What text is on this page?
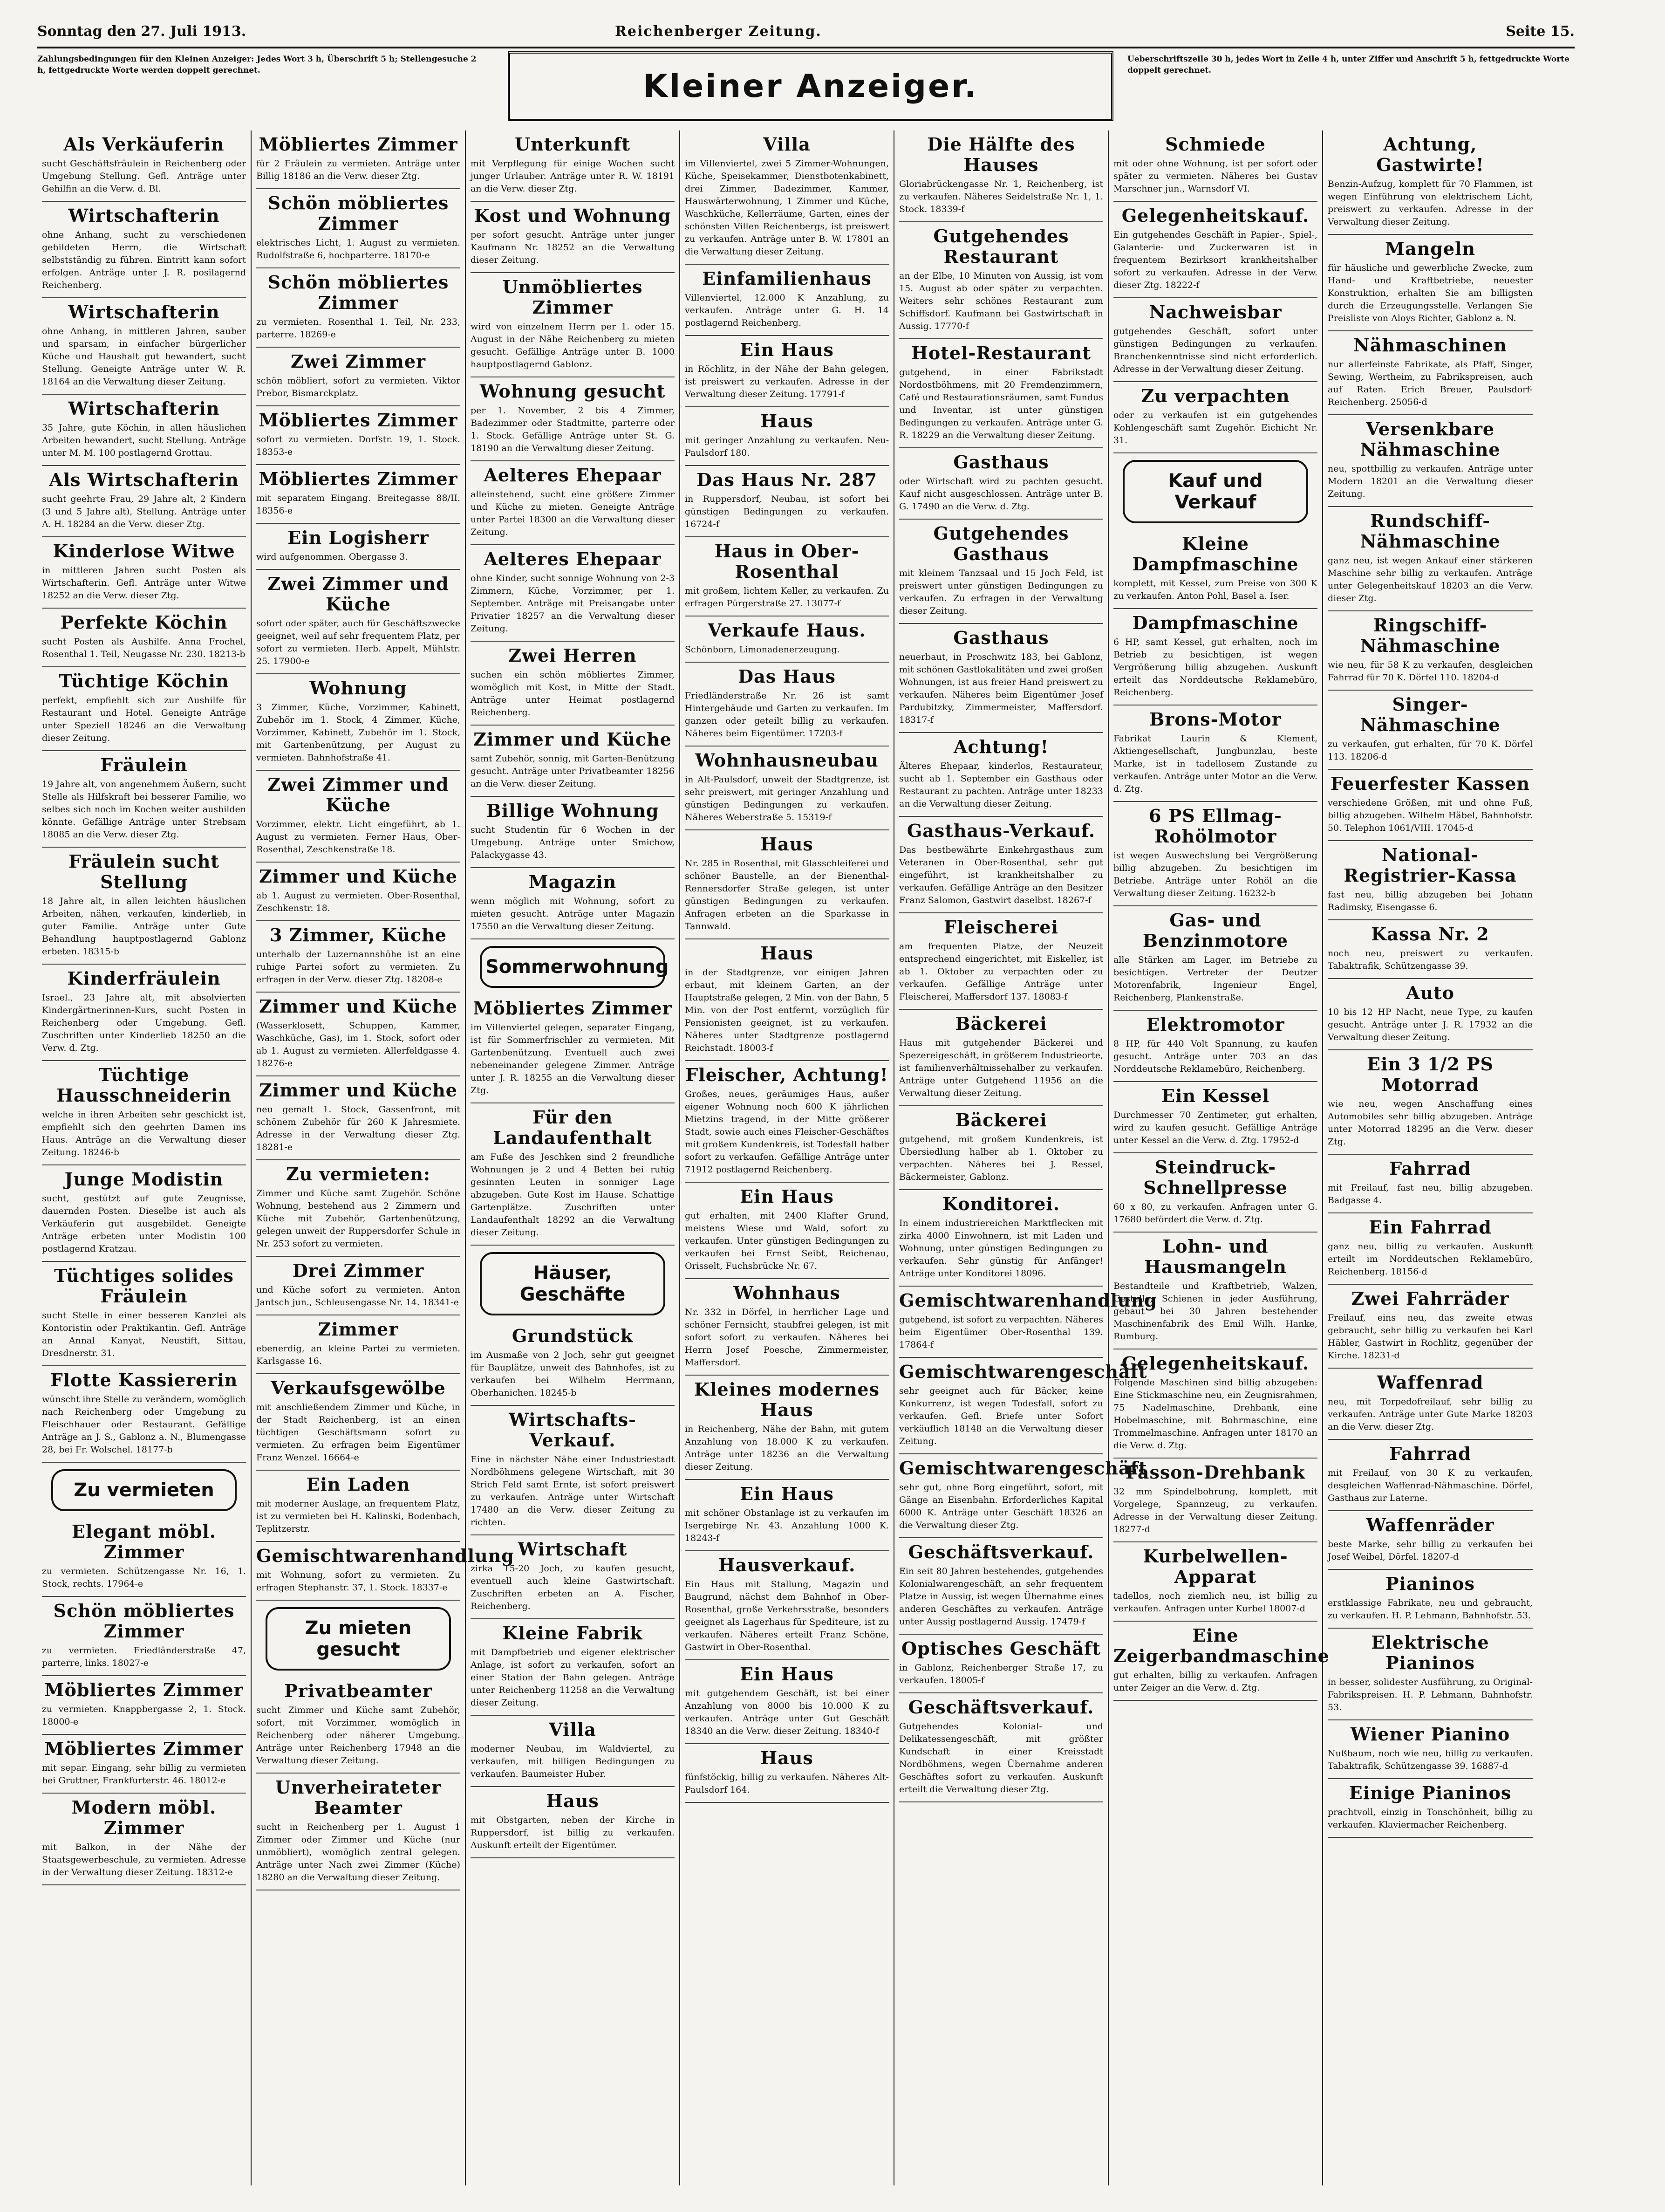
Sonntag den 27. Juli 1913.	Reichenberger Zeitung.	Seite 15.
Zahlungsbedingungen für den Kleinen Anzeiger: Jedes Wort 3 h, Überschrift 5 h; Stellengesuche 2 h, fettgedruckte Worte werden doppelt gerechnet.	Kleiner Anzeiger.
Ueberschriftszeile 30 h, jedes Wort in Zeile 4 h, unter Ziffer und Anschrift 5 h, fettgedruckte Worte doppelt gerechnet.
Als Verkäuferin

sucht Geschäftsfräulein in Reichenberg oder Umgebung Stellung. Gefl. Anträge unter Gehilfin an die Verw. d. Bl.

Wirtschafterin

ohne Anhang, sucht zu verschiedenen gebildeten Herrn, die Wirtschaft selbstständig zu führen. Eintritt kann sofort erfolgen. Anträge unter J. R. posilagernd Reichenberg.

Wirtschafterin

ohne Anhang, in mittleren Jahren, sauber und sparsam, in einfacher bürgerlicher Küche und Haushalt gut bewandert, sucht Stellung. Geneigte Anträge unter W. R. 18164 an die Verwaltung dieser Zeitung.

Wirtschafterin

35 Jahre, gute Köchin, in allen häuslichen Arbeiten bewandert, sucht Stellung. Anträge unter M. M. 100 postlagernd Grottau.

Als Wirtschafterin

sucht geehrte Frau, 29 Jahre alt, 2 Kindern (3 und 5 Jahre alt), Stellung. Anträge unter A. H. 18284 an die Verw. dieser Ztg.

Kinderlose Witwe

in mittleren Jahren sucht Posten als Wirtschafterin. Gefl. Anträge unter Witwe 18252 an die Verw. dieser Ztg.

Perfekte Köchin

sucht Posten als Aushilfe. Anna Frochel, Rosenthal 1. Teil, Neugasse Nr. 230. 18213-b

Tüchtige Köchin

perfekt, empfiehlt sich zur Aushilfe für Restaurant und Hotel. Geneigte Anträge unter Speziell 18246 an die Verwaltung dieser Zeitung.

Fräulein

19 Jahre alt, von angenehmem Äußern, sucht Stelle als Hilfskraft bei besserer Familie, wo selbes sich noch im Kochen weiter ausbilden könnte. Gefällige Anträge unter Strebsam 18085 an die Verw. dieser Ztg.

Fräulein sucht Stellung

18 Jahre alt, in allen leichten häuslichen Arbeiten, nähen, verkaufen, kinderlieb, in guter Familie. Anträge unter Gute Behandlung hauptpostlagernd Gablonz erbeten. 18315-b

Kinderfräulein

Israel., 23 Jahre alt, mit absolvierten Kindergärtnerinnen-Kurs, sucht Posten in Reichenberg oder Umgebung. Gefl. Zuschriften unter Kinderlieb 18250 an die Verw. d. Ztg.

Tüchtige Hausschneiderin

welche in ihren Arbeiten sehr geschickt ist, empfiehlt sich den geehrten Damen ins Haus. Anträge an die Verwaltung dieser Zeitung. 18246-b

Junge Modistin

sucht, gestützt auf gute Zeugnisse, dauernden Posten. Dieselbe ist auch als Verkäuferin gut ausgebildet. Geneigte Anträge erbeten unter Modistin 100 postlagernd Kratzau.

Tüchtiges solides Fräulein

sucht Stelle in einer besseren Kanzlei als Kontoristin oder Praktikantin. Gefl. Anträge an Annal Kanyat, Neustift, Sittau, Dresdnerstr. 31.

Flotte Kassiererin

wünscht ihre Stelle zu verändern, womöglich nach Reichenberg oder Umgebung zu Fleischhauer oder Restaurant. Gefällige Anträge an J. S., Gablonz a. N., Blumengasse 28, bei Fr. Wolschel. 18177-b

Zu vermieten
Elegant möbl. Zimmer

zu vermieten. Schützengasse Nr. 16, 1. Stock, rechts. 17964-e

Schön möbliertes Zimmer

zu vermieten. Friedländerstraße 47, parterre, links. 18027-e

Möbliertes Zimmer

zu vermieten. Knappbergasse 2, 1. Stock. 18000-e

Möbliertes Zimmer

mit separ. Eingang, sehr billig zu vermieten bei Gruttner, Frankfurterstr. 46. 18012-e

Modern möbl. Zimmer

mit Balkon, in der Nähe der Staatsgewerbeschule, zu vermieten. Adresse in der Verwaltung dieser Zeitung. 18312-e

Möbliertes Zimmer

für 2 Fräulein zu vermieten. Anträge unter Billig 18186 an die Verw. dieser Ztg.

Schön möbliertes Zimmer

elektrisches Licht, 1. August zu vermieten. Rudolfstraße 6, hochparterre. 18170-e

Schön möbliertes Zimmer

zu vermieten. Rosenthal 1. Teil, Nr. 233, parterre. 18269-e

Zwei Zimmer

schön möbliert, sofort zu vermieten. Viktor Prebor, Bismarckplatz.

Möbliertes Zimmer

sofort zu vermieten. Dorfstr. 19, 1. Stock. 18353-e

Möbliertes Zimmer

mit separatem Eingang. Breitegasse 88/II. 18356-e

Ein Logisherr

wird aufgenommen. Obergasse 3.

Zwei Zimmer und Küche

sofort oder später, auch für Geschäftszwecke geeignet, weil auf sehr frequentem Platz, per sofort zu vermieten. Herb. Appelt, Mühlstr. 25. 17900-e

Wohnung

3 Zimmer, Küche, Vorzimmer, Kabinett, Zubehör im 1. Stock, 4 Zimmer, Küche, Vorzimmer, Kabinett, Zubehör im 1. Stock, mit Gartenbenützung, per August zu vermieten. Bahnhofstraße 41.

Zwei Zimmer und Küche

Vorzimmer, elektr. Licht eingeführt, ab 1. August zu vermieten. Ferner Haus, Ober-Rosenthal, Zeschkenstraße 18.

Zimmer und Küche

ab 1. August zu vermieten. Ober-Rosenthal, Zeschkenstr. 18.

3 Zimmer, Küche

unterhalb der Luzernannshöhe ist an eine ruhige Partei sofort zu vermieten. Zu erfragen in der Verw. dieser Ztg. 18208-e

Zimmer und Küche

(Wasserklosett, Schuppen, Kammer, Waschküche, Gas), im 1. Stock, sofort oder ab 1. August zu vermieten. Allerfeldgasse 4. 18276-e

Zimmer und Küche

neu gemalt 1. Stock, Gassenfront, mit schönem Zubehör für 260 K Jahresmiete. Adresse in der Verwaltung dieser Ztg. 18281-e

Zu vermieten:

Zimmer und Küche samt Zugehör. Schöne Wohnung, bestehend aus 2 Zimmern und Küche mit Zubehör, Gartenbenützung, gelegen unweit der Ruppersdorfer Schule in Nr. 253 sofort zu vermieten.

Drei Zimmer

und Küche sofort zu vermieten. Anton Jantsch jun., Schleusengasse Nr. 14. 18341-e

Zimmer

ebenerdig, an kleine Partei zu vermieten. Karlsgasse 16.

Verkaufsgewölbe

mit anschließendem Zimmer und Küche, in der Stadt Reichenberg, ist an einen tüchtigen Geschäftsmann sofort zu vermieten. Zu erfragen beim Eigentümer Franz Wenzel. 16664-e

Ein Laden

mit moderner Auslage, an frequentem Platz, ist zu vermieten bei H. Kalinski, Bodenbach, Teplitzerstr.

Gemischtwarenhandlung

mit Wohnung, sofort zu vermieten. Zu erfragen Stephanstr. 37, 1. Stock. 18337-e

Zu mieten gesucht
Privatbeamter

sucht Zimmer und Küche samt Zubehör, sofort, mit Vorzimmer, womöglich in Reichenberg oder näherer Umgebung. Anträge unter Reichenberg 17948 an die Verwaltung dieser Zeitung.

Unverheirateter Beamter

sucht in Reichenberg per 1. August 1 Zimmer oder Zimmer und Küche (nur unmöbliert), womöglich zentral gelegen. Anträge unter Nach zwei Zimmer (Küche) 18280 an die Verwaltung dieser Zeitung.

Unterkunft

mit Verpflegung für einige Wochen sucht junger Urlauber. Anträge unter R. W. 18191 an die Verw. dieser Ztg.

Kost und Wohnung

per sofort gesucht. Anträge unter junger Kaufmann Nr. 18252 an die Verwaltung dieser Zeitung.

Unmöbliertes Zimmer

wird von einzelnem Herrn per 1. oder 15. August in der Nähe Reichenberg zu mieten gesucht. Gefällige Anträge unter B. 1000 hauptpostlagernd Gablonz.

Wohnung gesucht

per 1. November, 2 bis 4 Zimmer, Badezimmer oder Stadtmitte, parterre oder 1. Stock. Gefällige Anträge unter St. G. 18190 an die Verwaltung dieser Zeitung.

Aelteres Ehepaar

alleinstehend, sucht eine größere Zimmer und Küche zu mieten. Geneigte Anträge unter Partei 18300 an die Verwaltung dieser Zeitung.

Aelteres Ehepaar

ohne Kinder, sucht sonnige Wohnung von 2-3 Zimmern, Küche, Vorzimmer, per 1. September. Anträge mit Preisangabe unter Privatier 18257 an die Verwaltung dieser Zeitung.

Zwei Herren

suchen ein schön möbliertes Zimmer, womöglich mit Kost, in Mitte der Stadt. Anträge unter Heimat postlagernd Reichenberg.

Zimmer und Küche

samt Zubehör, sonnig, mit Garten-Benützung gesucht. Anträge unter Privatbeamter 18256 an die Verw. dieser Zeitung.

Billige Wohnung

sucht Studentin für 6 Wochen in der Umgebung. Anträge unter Smichow, Palackygasse 43.

Magazin

wenn möglich mit Wohnung, sofort zu mieten gesucht. Anträge unter Magazin 17550 an die Verwaltung dieser Zeitung.

Sommerwohnung
Möbliertes Zimmer

im Villenviertel gelegen, separater Eingang, ist für Sommerfrischler zu vermieten. Mit Gartenbenützung. Eventuell auch zwei nebeneinander gelegene Zimmer. Anträge unter J. R. 18255 an die Verwaltung dieser Ztg.

Für den Landaufenthalt

am Fuße des Jeschken sind 2 freundliche Wohnungen je 2 und 4 Betten bei ruhig gesinnten Leuten in sonniger Lage abzugeben. Gute Kost im Hause. Schattige Gartenplätze. Zuschriften unter Landaufenthalt 18292 an die Verwaltung dieser Zeitung.

Häuser, Geschäfte
Grundstück

im Ausmaße von 2 Joch, sehr gut geeignet für Bauplätze, unweit des Bahnhofes, ist zu verkaufen bei Wilhelm Herrmann, Oberhanichen. 18245-b

Wirtschafts-Verkauf.

Eine in nächster Nähe einer Industriestadt Nordböhmens gelegene Wirtschaft, mit 30 Strich Feld samt Ernte, ist sofort preiswert zu verkaufen. Anträge unter Wirtschaft 17480 an die Verw. dieser Zeitung zu richten.

Wirtschaft

zirka 15-20 Joch, zu kaufen gesucht, eventuell auch kleine Gastwirtschaft. Zuschriften erbeten an A. Fischer, Reichenberg.

Kleine Fabrik

mit Dampfbetrieb und eigener elektrischer Anlage, ist sofort zu verkaufen, sofort an einer Station der Bahn gelegen. Anträge unter Reichenberg 11258 an die Verwaltung dieser Zeitung.

Villa

moderner Neubau, im Waldviertel, zu verkaufen, mit billigen Bedingungen zu verkaufen. Baumeister Huber.

Haus

mit Obstgarten, neben der Kirche in Ruppersdorf, ist billig zu verkaufen. Auskunft erteilt der Eigentümer.

Villa

im Villenviertel, zwei 5 Zimmer-Wohnungen, Küche, Speisekammer, Dienstbotenkabinett, drei Zimmer, Badezimmer, Kammer, Hauswärterwohnung, 1 Zimmer und Küche, Waschküche, Kellerräume, Garten, eines der schönsten Villen Reichenbergs, ist preiswert zu verkaufen. Anträge unter B. W. 17801 an die Verwaltung dieser Zeitung.

Einfamilienhaus

Villenviertel, 12.000 K Anzahlung, zu verkaufen. Anträge unter G. H. 14 postlagernd Reichenberg.

Ein Haus

in Röchlitz, in der Nähe der Bahn gelegen, ist preiswert zu verkaufen. Adresse in der Verwaltung dieser Zeitung. 17791-f

Haus

mit geringer Anzahlung zu verkaufen. Neu-Paulsdorf 180.

Das Haus Nr. 287

in Ruppersdorf, Neubau, ist sofort bei günstigen Bedingungen zu verkaufen. 16724-f

Haus in Ober-Rosenthal

mit großem, lichtem Keller, zu verkaufen. Zu erfragen Pürgerstraße 27. 13077-f

Verkaufe Haus.

Schönborn, Limonadenerzeugung.

Das Haus

Friedländerstraße Nr. 26 ist samt Hintergebäude und Garten zu verkaufen. Im ganzen oder geteilt billig zu verkaufen. Näheres beim Eigentümer. 17203-f

Wohnhausneubau

in Alt-Paulsdorf, unweit der Stadtgrenze, ist sehr preiswert, mit geringer Anzahlung und günstigen Bedingungen zu verkaufen. Näheres Weberstraße 5. 15319-f

Haus

Nr. 285 in Rosenthal, mit Glasschleiferei und schöner Baustelle, an der Bienenthal-Rennersdorfer Straße gelegen, ist unter günstigen Bedingungen zu verkaufen. Anfragen erbeten an die Sparkasse in Tannwald.

Haus

in der Stadtgrenze, vor einigen Jahren erbaut, mit kleinem Garten, an der Hauptstraße gelegen, 2 Min. von der Bahn, 5 Min. von der Post entfernt, vorzüglich für Pensionisten geeignet, ist zu verkaufen. Näheres unter Stadtgrenze postlagernd Reichstadt. 18003-f

Fleischer, Achtung!

Großes, neues, geräumiges Haus, außer eigener Wohnung noch 600 K jährlichen Mietzins tragend, in der Mitte größerer Stadt, sowie auch eines Fleischer-Geschäftes mit großem Kundenkreis, ist Todesfall halber sofort zu verkaufen. Gefällige Anträge unter 71912 postlagernd Reichenberg.

Ein Haus

gut erhalten, mit 2400 Klafter Grund, meistens Wiese und Wald, sofort zu verkaufen. Unter günstigen Bedingungen zu verkaufen bei Ernst Seibt, Reichenau, Orisselt, Fuchsbrücke Nr. 67.

Wohnhaus

Nr. 332 in Dörfel, in herrlicher Lage und schöner Fernsicht, staubfrei gelegen, ist mit sofort sofort zu verkaufen. Näheres bei Herrn Josef Poesche, Zimmermeister, Maffersdorf.

Kleines modernes Haus

in Reichenberg, Nähe der Bahn, mit gutem Anzahlung von 18.000 K zu verkaufen. Anträge unter 18236 an die Verwaltung dieser Zeitung.

Ein Haus

mit schöner Obstanlage ist zu verkaufen im Isergebirge Nr. 43. Anzahlung 1000 K. 18243-f

Hausverkauf.

Ein Haus mit Stallung, Magazin und Baugrund, nächst dem Bahnhof in Ober-Rosenthal, große Verkehrsstraße, besonders geeignet als Lagerhaus für Spediteure, ist zu verkaufen. Näheres erteilt Franz Schöne, Gastwirt in Ober-Rosenthal.

Ein Haus

mit gutgehendem Geschäft, ist bei einer Anzahlung von 8000 bis 10.000 K zu verkaufen. Anträge unter Gut Geschäft 18340 an die Verw. dieser Zeitung. 18340-f

Haus

fünfstöckig, billig zu verkaufen. Näheres Alt-Paulsdorf 164.

Die Hälfte des Hauses

Gloriabrückengasse Nr. 1, Reichenberg, ist zu verkaufen. Näheres Seidelstraße Nr. 1, 1. Stock. 18339-f

Gutgehendes Restaurant

an der Elbe, 10 Minuten von Aussig, ist vom 15. August ab oder später zu verpachten. Weiters sehr schönes Restaurant zum Schiffsdorf. Kaufmann bei Gastwirtschaft in Aussig. 17770-f

Hotel-Restaurant

gutgehend, in einer Fabrikstadt Nordostböhmens, mit 20 Fremdenzimmern, Café und Restaurationsräumen, samt Fundus und Inventar, ist unter günstigen Bedingungen zu verkaufen. Anträge unter G. R. 18229 an die Verwaltung dieser Zeitung.

Gasthaus

oder Wirtschaft wird zu pachten gesucht. Kauf nicht ausgeschlossen. Anträge unter B. G. 17490 an die Verw. d. Ztg.

Gutgehendes Gasthaus

mit kleinem Tanzsaal und 15 Joch Feld, ist preiswert unter günstigen Bedingungen zu verkaufen. Zu erfragen in der Verwaltung dieser Zeitung.

Gasthaus

neuerbaut, in Proschwitz 183, bei Gablonz, mit schönen Gastlokalitäten und zwei großen Wohnungen, ist aus freier Hand preiswert zu verkaufen. Näheres beim Eigentümer Josef Pardubitzky, Zimmermeister, Maffersdorf. 18317-f

Achtung!

Älteres Ehepaar, kinderlos, Restaurateur, sucht ab 1. September ein Gasthaus oder Restaurant zu pachten. Anträge unter 18233 an die Verwaltung dieser Zeitung.

Gasthaus-Verkauf.

Das bestbewährte Einkehrgasthaus zum Veteranen in Ober-Rosenthal, sehr gut eingeführt, ist krankheitshalber zu verkaufen. Gefällige Anträge an den Besitzer Franz Salomon, Gastwirt daselbst. 18267-f

Fleischerei

am frequenten Platze, der Neuzeit entsprechend eingerichtet, mit Eiskeller, ist ab 1. Oktober zu verpachten oder zu verkaufen. Gefällige Anträge unter Fleischerei, Maffersdorf 137. 18083-f

Bäckerei

Haus mit gutgehender Bäckerei und Spezereigeschäft, in größerem Industrieorte, ist familienverhältnissehalber zu verkaufen. Anträge unter Gutgehend 11956 an die Verwaltung dieser Zeitung.

Bäckerei

gutgehend, mit großem Kundenkreis, ist Übersiedlung halber ab 1. Oktober zu verpachten. Näheres bei J. Ressel, Bäckermeister, Gablonz.

Konditorei.

In einem industriereichen Marktflecken mit zirka 4000 Einwohnern, ist mit Laden und Wohnung, unter günstigen Bedingungen zu verkaufen. Sehr günstig für Anfänger! Anträge unter Konditorei 18096.

Gemischtwarenhandlung

gutgehend, ist sofort zu verpachten. Näheres beim Eigentümer Ober-Rosenthal 139. 17864-f

Gemischtwarengeschäft

sehr geeignet auch für Bäcker, keine Konkurrenz, ist wegen Todesfall, sofort zu verkaufen. Gefl. Briefe unter Sofort verkäuflich 18148 an die Verwaltung dieser Zeitung.

Gemischtwarengeschäft

sehr gut, ohne Borg eingeführt, sofort, mit Gänge an Eisenbahn. Erforderliches Kapital 6000 K. Anträge unter Geschäft 18326 an die Verwaltung dieser Ztg.

Geschäftsverkauf.

Ein seit 80 Jahren bestehendes, gutgehendes Kolonialwarengeschäft, an sehr frequentem Platze in Aussig, ist wegen Übernahme eines anderen Geschäftes zu verkaufen. Anträge unter Aussig postlagernd Aussig. 17479-f

Optisches Geschäft

in Gablonz, Reichenberger Straße 17, zu verkaufen. 18005-f

Geschäftsverkauf.

Gutgehendes Kolonial- und Delikatessengeschäft, mit größter Kundschaft in einer Kreisstadt Nordböhmens, wegen Übernahme anderen Geschäftes sofort zu verkaufen. Auskunft erteilt die Verwaltung dieser Ztg.

Schmiede

mit oder ohne Wohnung, ist per sofort oder später zu vermieten. Näheres bei Gustav Marschner jun., Warnsdorf VI.

Gelegenheitskauf.

Ein gutgehendes Geschäft in Papier-, Spiel-, Galanterie- und Zuckerwaren ist in frequentem Bezirksort krankheitshalber sofort zu verkaufen. Adresse in der Verw. dieser Ztg. 18222-f

Nachweisbar

gutgehendes Geschäft, sofort unter günstigen Bedingungen zu verkaufen. Branchenkenntnisse sind nicht erforderlich. Adresse in der Verwaltung dieser Zeitung.

Zu verpachten

oder zu verkaufen ist ein gutgehendes Kohlengeschäft samt Zugehör. Eichicht Nr. 31.

Kauf und Verkauf
Kleine Dampfmaschine

komplett, mit Kessel, zum Preise von 300 K zu verkaufen. Anton Pohl, Basel a. Iser.

Dampfmaschine

6 HP, samt Kessel, gut erhalten, noch im Betrieb zu besichtigen, ist wegen Vergrößerung billig abzugeben. Auskunft erteilt das Norddeutsche Reklamebüro, Reichenberg.

Brons-Motor

Fabrikat Laurin & Klement, Aktiengesellschaft, Jungbunzlau, beste Marke, ist in tadellosem Zustande zu verkaufen. Anträge unter Motor an die Verw. d. Ztg.

6 PS Ellmag-Rohölmotor

ist wegen Auswechslung bei Vergrößerung billig abzugeben. Zu besichtigen im Betriebe. Anträge unter Rohöl an die Verwaltung dieser Zeitung. 16232-b

Gas- und Benzinmotore

alle Stärken am Lager, im Betriebe zu besichtigen. Vertreter der Deutzer Motorenfabrik, Ingenieur Engel, Reichenberg, Plankenstraße.

Elektromotor

8 HP, für 440 Volt Spannung, zu kaufen gesucht. Anträge unter 703 an das Norddeutsche Reklamebüro, Reichenberg.

Ein Kessel

Durchmesser 70 Zentimeter, gut erhalten, wird zu kaufen gesucht. Gefällige Anträge unter Kessel an die Verw. d. Ztg. 17952-d

Steindruck-Schnellpresse

60 x 80, zu verkaufen. Anfragen unter G. 17680 befördert die Verw. d. Ztg.

Lohn- und Hausmangeln

Bestandteile und Kraftbetrieb, Walzen, Gestelle, Schienen in jeder Ausführung, gebaut bei 30 Jahren bestehender Maschinenfabrik des Emil Wilh. Hanke, Rumburg.

Gelegenheitskauf.

Folgende Maschinen sind billig abzugeben: Eine Stickmaschine neu, ein Zeugnisrahmen, 75 Nadelmaschine, Drehbank, eine Hobelmaschine, mit Bohrmaschine, eine Trommelmaschine. Anfragen unter 18170 an die Verw. d. Ztg.

Fasson-Drehbank

32 mm Spindelbohrung, komplett, mit Vorgelege, Spannzeug, zu verkaufen. Adresse in der Verwaltung dieser Zeitung. 18277-d

Kurbelwellen-Apparat

tadellos, noch ziemlich neu, ist billig zu verkaufen. Anfragen unter Kurbel 18007-d

Eine Zeigerbandmaschine

gut erhalten, billig zu verkaufen. Anfragen unter Zeiger an die Verw. d. Ztg.

Achtung, Gastwirte!

Benzin-Aufzug, komplett für 70 Flammen, ist wegen Einführung von elektrischem Licht, preiswert zu verkaufen. Adresse in der Verwaltung dieser Zeitung.

Mangeln

für häusliche und gewerbliche Zwecke, zum Hand- und Kraftbetriebe, neuester Konstruktion, erhalten Sie am billigsten durch die Erzeugungsstelle. Verlangen Sie Preisliste von Aloys Richter, Gablonz a. N.

Nähmaschinen

nur allerfeinste Fabrikate, als Pfaff, Singer, Sewing, Wertheim, zu Fabrikspreisen, auch auf Raten. Erich Breuer, Paulsdorf-Reichenberg. 25056-d

Versenkbare Nähmaschine

neu, spottbillig zu verkaufen. Anträge unter Modern 18201 an die Verwaltung dieser Zeitung.

Rundschiff-Nähmaschine

ganz neu, ist wegen Ankauf einer stärkeren Maschine sehr billig zu verkaufen. Anträge unter Gelegenheitskauf 18203 an die Verw. dieser Ztg.

Ringschiff-Nähmaschine

wie neu, für 58 K zu verkaufen, desgleichen Fahrrad für 70 K. Dörfel 110. 18204-d

Singer-Nähmaschine

zu verkaufen, gut erhalten, für 70 K. Dörfel 113. 18206-d

Feuerfester Kassen

verschiedene Größen, mit und ohne Fuß, billig abzugeben. Wilhelm Häbel, Bahnhofstr. 50. Telephon 1061/VIII. 17045-d

National-Registrier-Kassa

fast neu, billig abzugeben bei Johann Radimsky, Eisengasse 6.

Kassa Nr. 2

noch neu, preiswert zu verkaufen. Tabaktrafik, Schützengasse 39.

Auto

10 bis 12 HP Nacht, neue Type, zu kaufen gesucht. Anträge unter J. R. 17932 an die Verwaltung dieser Zeitung.

Ein 3 1/2 PS Motorrad

wie neu, wegen Anschaffung eines Automobiles sehr billig abzugeben. Anträge unter Motorrad 18295 an die Verw. dieser Ztg.

Fahrrad

mit Freilauf, fast neu, billig abzugeben. Badgasse 4.

Ein Fahrrad

ganz neu, billig zu verkaufen. Auskunft erteilt im Norddeutschen Reklamebüro, Reichenberg. 18156-d

Zwei Fahrräder

Freilauf, eins neu, das zweite etwas gebraucht, sehr billig zu verkaufen bei Karl Häbler, Gastwirt in Rochlitz, gegenüber der Kirche. 18231-d

Waffenrad

neu, mit Torpedofreilauf, sehr billig zu verkaufen. Anträge unter Gute Marke 18203 an die Verw. dieser Ztg.

Fahrrad

mit Freilauf, von 30 K zu verkaufen, desgleichen Waffenrad-Nähmaschine. Dörfel, Gasthaus zur Laterne.

Waffenräder

beste Marke, sehr billig zu verkaufen bei Josef Weibel, Dörfel. 18207-d

Pianinos

erstklassige Fabrikate, neu und gebraucht, zu verkaufen. H. P. Lehmann, Bahnhofstr. 53.

Elektrische Pianinos

in besser, solidester Ausführung, zu Original-Fabrikspreisen. H. P. Lehmann, Bahnhofstr. 53.

Wiener Pianino

Nußbaum, noch wie neu, billig zu verkaufen. Tabaktrafik, Schützengasse 39. 16887-d

Einige Pianinos

prachtvoll, einzig in Tonschönheit, billig zu verkaufen. Klaviermacher Reichenberg.
